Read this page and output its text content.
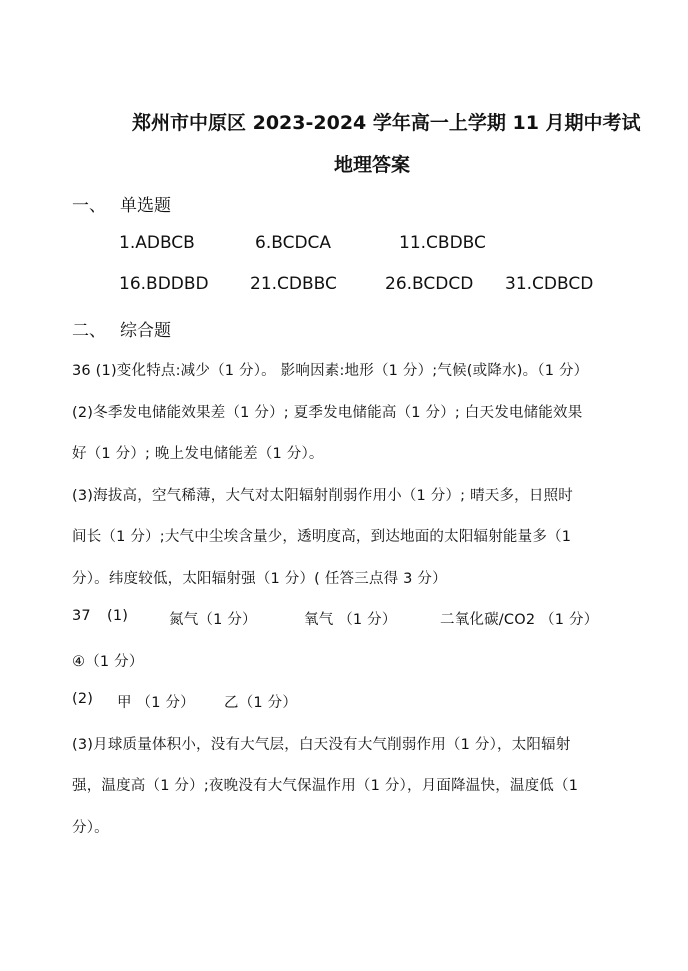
郑州市中原区 2023-2024 学年高一上学期 11 月期中考试
地理答案
一、 单选题
1.ADBCB	6.BCDCA	11.CBDBC
16.BDDBD 21.CDBBC	26.BCDCD 31.CDBCD
二、 综合题
36 (1)变化特点:减少（1 分）。 影响因素:地形（1 分）;气候(或降水)。（1 分）
(2)冬季发电储能效果差（1 分）; 夏季发电储能高（1 分）; 白天发电储能效果
好（1 分）; 晚上发电储能差（1 分）。
(3)海拔高，空气稀薄，大气对太阳辐射削弱作用小（1 分）; 晴天多，日照时
间长（1 分）;大气中尘埃含量少，透明度高，到达地面的太阳辐射能量多（1
分）。纬度较低，太阳辐射强（1 分）( 任答三点得 3 分）
37 (1)	氮气（1 分）	氧气 （1 分）	二氧化碳/CO2 （1 分）
④（1 分）
(2) 甲 （1 分） 乙（1 分）
(3)月球质量体积小，没有大气层，白天没有大气削弱作用（1 分），太阳辐射
强，温度高（1 分）;夜晚没有大气保温作用（1 分），月面降温快，温度低（1
分）。
